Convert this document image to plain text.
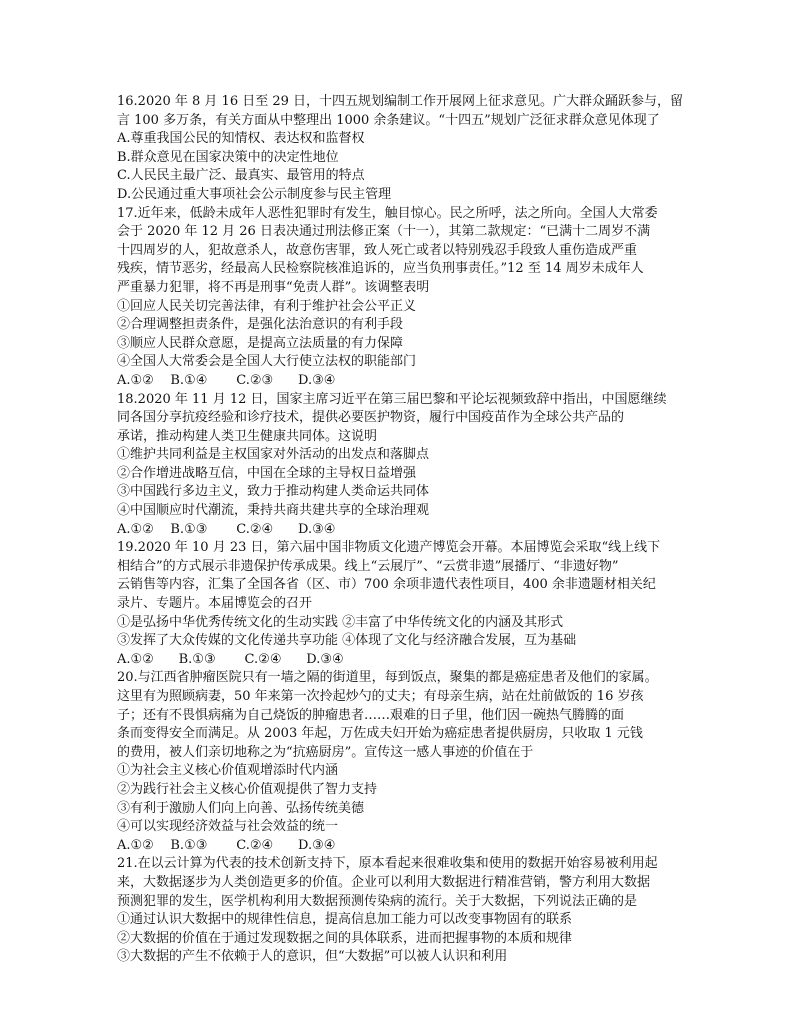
16.2020 年 8 月 16 日至 29 日，十四五规划编制工作开展网上征求意见。广大群众踊跃参与，留
言 100 多万条，有关方面从中整理出 1000 余条建议。“十四五”规划广泛征求群众意见体现了
A.尊重我国公民的知情权、表达权和监督权
B.群众意见在国家决策中的决定性地位
C.人民民主最广泛、最真实、最管用的特点
D.公民通过重大事项社会公示制度参与民主管理
17.近年来，低龄未成年人恶性犯罪时有发生，触目惊心。民之所呼，法之所向。全国人大常委
会于 2020 年 12 月 26 日表决通过刑法修正案（十一），其第二款规定：“已满十二周岁不满
十四周岁的人，犯故意杀人，故意伤害罪，致人死亡或者以特别残忍手段致人重伤造成严重
残疾，情节恶劣，经最高人民检察院核准追诉的，应当负刑事责任。”12 至 14 周岁未成年人
严重暴力犯罪，将不再是刑事“免责人群”。该调整表明
①回应人民关切完善法律，有利于维护社会公平正义
②合理调整担责条件，是强化法治意识的有利手段
③顺应人民群众意愿，是提高立法质量的有力保障
④全国人大常委会是全国人大行使立法权的职能部门
A.①②    B.①④       C.②③      D.③④
18.2020 年 11 月 12 日，国家主席习近平在第三届巴黎和平论坛视频致辞中指出，中国愿继续
同各国分享抗疫经验和诊疗技术，提供必要医护物资，履行中国疫苗作为全球公共产品的
承诺，推动构建人类卫生健康共同体。这说明
①维护共同利益是主权国家对外活动的出发点和落脚点
②合作增进战略互信，中国在全球的主导权日益增强
③中国践行多边主义，致力于推动构建人类命运共同体
④中国顺应时代潮流，秉持共商共建共享的全球治理观
A.①②    B.①③       C.②④      D.③④
19.2020 年 10 月 23 日，第六届中国非物质文化遗产博览会开幕。本届博览会采取“线上线下
相结合”的方式展示非遗保护传承成果。线上“云展厅”、“云赏非遗”展播厅、“非遗好物”
云销售等内容，汇集了全国各省（区、市）700 余项非遗代表性项目，400 余非遗题材相关纪
录片、专题片。本届博览会的召开
①是弘扬中华优秀传统文化的生动实践 ②丰富了中华传统文化的内涵及其形式
③发挥了大众传媒的文化传递共享功能 ④体现了文化与经济融合发展，互为基础
A.①②      B.①③       C.②④      D.③④
20.与江西省肿瘤医院只有一墙之隔的街道里，每到饭点，聚集的都是癌症患者及他们的家属。
这里有为照顾病妻，50 年来第一次拎起炒勺的丈夫；有母亲生病，站在灶前做饭的 16 岁孩
子；还有不畏惧病痛为自己烧饭的肿瘤患者……艰难的日子里，他们因一碗热气腾腾的面
条而变得安全而满足。从 2003 年起，万佐成夫妇开始为癌症患者提供厨房，只收取 1 元钱
的费用，被人们亲切地称之为“抗癌厨房”。宣传这一感人事迹的价值在于
①为社会主义核心价值观增添时代内涵
②为践行社会主义核心价值观提供了智力支持
③有利于激励人们向上向善、弘扬传统美德
④可以实现经济效益与社会效益的统一
A.①②    B.①③       C.②④      D.③④
21.在以云计算为代表的技术创新支持下，原本看起来很难收集和使用的数据开始容易被利用起
来，大数据逐步为人类创造更多的价值。企业可以利用大数据进行精准营销，警方利用大数据
预测犯罪的发生，医学机构利用大数据预测传染病的流行。关于大数据，下列说法正确的是
①通过认识大数据中的规律性信息，提高信息加工能力可以改变事物固有的联系
②大数据的价值在于通过发现数据之间的具体联系，进而把握事物的本质和规律
③大数据的产生不依赖于人的意识，但“大数据”可以被人认识和利用
